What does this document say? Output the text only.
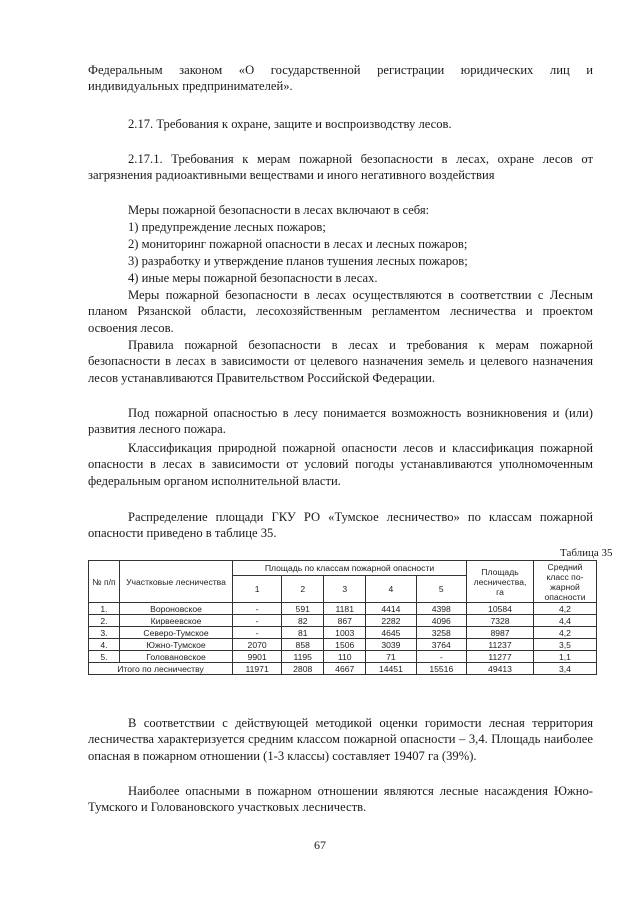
Федеральным законом «О государственной регистрации юридических лиц и индивидуальных предпринимателей».
2.17. Требования к охране, защите и воспроизводству лесов.
2.17.1. Требования к мерам пожарной безопасности в лесах, охране лесов от загрязнения радиоактивными веществами и иного негативного воздействия
Меры пожарной безопасности в лесах включают в себя:
1) предупреждение лесных пожаров;
2) мониторинг пожарной опасности в лесах и лесных пожаров;
3) разработку и утверждение планов тушения лесных пожаров;
4) иные меры пожарной безопасности в лесах.
Меры пожарной безопасности в лесах осуществляются в соответствии с Лесным планом Рязанской области, лесохозяйственным регламентом лесничества и проектом освоения лесов.
Правила пожарной безопасности в лесах и требования к мерам пожарной безопасности в лесах в зависимости от целевого назначения земель и целевого назначения лесов устанавливаются Правительством Российской Федерации.
Под пожарной опасностью в лесу понимается возможность возникновения и (или) развития лесного пожара.
Классификация природной пожарной опасности лесов и классификация пожарной опасности в лесах в зависимости от условий погоды устанавливаются уполномоченным федеральным органом исполнительной власти.
Распределение площади ГКУ РО «Тумское лесничество» по классам пожарной опасности приведено в таблице 35.
Таблица 35
№ п/п	Участковые лесничества	Площадь по классам пожарной опасности					Площадь лесничества, га	Средний класс по-жарной опасности
		1	2	3	4	5		
1.	Вороновское	-	591	1181	4414	4398	10584	4,2
2.	Кирвеевское	-	82	867	2282	4096	7328	4,4
3.	Северо-Тумское	-	81	1003	4645	3258	8987	4,2
4.	Южно-Тумское	2070	858	1506	3039	3764	11237	3,5
5.	Головановское	9901	1195	110	71	-	11277	1,1
Итого по лесничеству		11971	2808	4667	14451	15516	49413	3,4
В соответствии с действующей методикой оценки горимости лесная территория лесничества характеризуется средним классом пожарной опасности – 3,4. Площадь наиболее опасная в пожарном отношении (1-3 классы) составляет 19407 га (39%).
Наиболее опасными в пожарном отношении являются лесные насаждения Южно-Тумского и Головановского участковых лесничеств.
67
